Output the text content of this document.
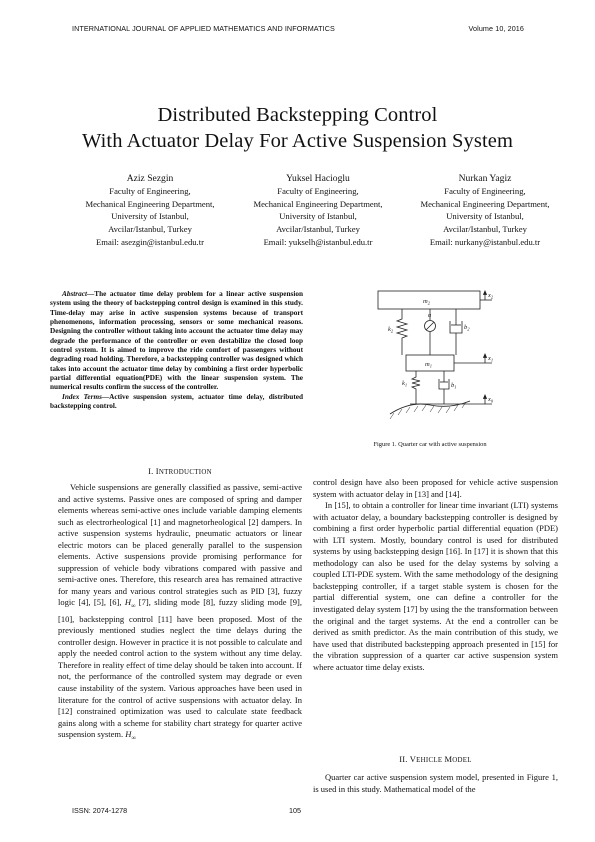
INTERNATIONAL JOURNAL OF APPLIED MATHEMATICS AND INFORMATICS	Volume 10, 2016
Distributed Backstepping Control
With Actuator Delay For Active Suspension System
Aziz Sezgin
Faculty of Engineering,
Mechanical Engineering Department,
University of Istanbul,
Avcilar/Istanbul, Turkey
Email: asezgin@istanbul.edu.tr
Yuksel Hacioglu
Faculty of Engineering,
Mechanical Engineering Department,
University of Istanbul,
Avcilar/Istanbul, Turkey
Email: yukselh@istanbul.edu.tr
Nurkan Yagiz
Faculty of Engineering,
Mechanical Engineering Department,
University of Istanbul,
Avcilar/Istanbul, Turkey
Email: nurkany@istanbul.edu.tr

Abstract—The actuator time delay problem for a linear active suspension system using the theory of backstepping control design is examined in this study. Time-delay may arise in active suspension systems because of transport phenomenons, information processing, sensors or some mechanical reasons. Designing the controller without taking into account the actuator time delay may degrade the performance of the controller or even destabilize the closed loop control system. It is aimed to improve the ride comfort of passengers without degrading road holding. Therefore, a backstepping controller was designed which takes into account the actuator time delay by combining a first order hyperbolic partial differential equation(PDE) with the linear suspension system. The numerical results confirm the success of the controller.

Index Terms—Active suspension system, actuator time delay, distributed backstepping control.

$m_2$
$m_1$
$x_2$
$x_1$
$x_0$
$k_2$
$k_1$
$b_2$
$b_1$
u
Figure 1. Quarter car with active suspension
I. INTRODUCTION

Vehicle suspensions are generally classified as passive, semi-active and active systems. Passive ones are composed of spring and damper elements whereas semi-active ones include variable damping elements such as electrorheological [1] and magnetorheological [2] dampers. In active suspension systems hydraulic, pneumatic actuators or linear electric motors can be placed generally parallel to the suspension elements. Active suspensions provide promising performance for suppression of vehicle body vibrations compared with passive and semi-active ones. Therefore, this research area has remained attractive for many years and various control strategies such as PID [3], fuzzy logic [4], [5], [6], $H_\infty$ [7], sliding mode [8], fuzzy sliding mode [9],[10], backstepping control [11] have been proposed. Most of the previously mentioned studies neglect the time delays during the controller design. However in practice it is not possible to calculate and apply the needed control action to the system without any time delay. Therefore in reality effect of time delay should be taken into account. If not, the performance of the controlled system may degrade or even cause instability of the system. Various approaches have been used in literature for the control of active suspensions with actuator delay. In [12] constrained optimization was used to calculate state feedback gains along with a scheme for stability chart strategy for quarter active suspension system. $H_\infty$

control design have also been proposed for vehicle active suspension system with actuator delay in [13] and [14].

In [15], to obtain a controller for linear time invariant (LTI) systems with actuator delay, a boundary backstepping controller is designed by combining a first order hyperbolic partial differential equation (PDE) with LTI system. Mostly, boundary control is used for distributed systems by using backstepping design [16]. In [17] it is shown that this methodology can also be used for the delay systems by solving a coupled LTI-PDE system. With the same methodology of the designing backstepping controller, if a target stable system is chosen for the partial differential system, one can define a controller for the investigated delay system [17] by using the the transformation between the original and the target systems. At the end a controller can be derived as smith predictor. As the main contribution of this study, we have used that distributed backstepping approach presented in [15] for the vibration suppression of a quarter car active suspension system where actuator time delay exists.

II. VEHICLE MODEL

Quarter car active suspension system model, presented in Figure 1, is used in this study. Mathematical model of the

ISSN: 2074-1278	105
